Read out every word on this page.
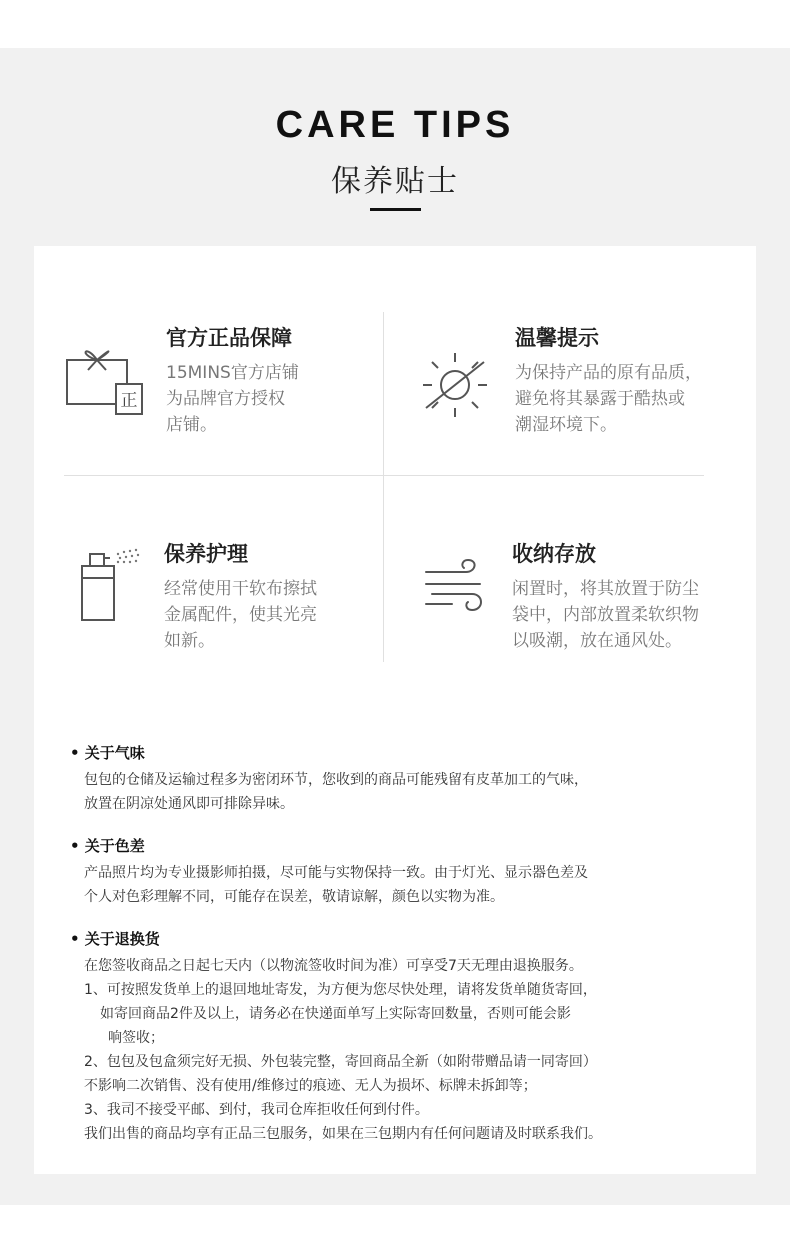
CARE TIPS
保养贴士
正
官方正品保障
15MINS官方店铺
为品牌官方授权
店铺。
温馨提示
为保持产品的原有品质，
避免将其暴露于酷热或
潮湿环境下。
保养护理
经常使用干软布擦拭
金属配件，使其光亮
如新。
收纳存放
闲置时，将其放置于防尘
袋中，内部放置柔软织物
以吸潮，放在通风处。
• 关于气味
包包的仓储及运输过程多为密闭环节，您收到的商品可能残留有皮革加工的气味，
放置在阴凉处通风即可排除异味。
• 关于色差
产品照片均为专业摄影师拍摄，尽可能与实物保持一致。由于灯光、显示器色差及
个人对色彩理解不同，可能存在误差，敬请谅解，颜色以实物为准。
• 关于退换货
在您签收商品之日起七天内（以物流签收时间为准）可享受7天无理由退换服务。
1、可按照发货单上的退回地址寄发，为方便为您尽快处理，请将发货单随货寄回，
如寄回商品2件及以上，请务必在快递面单写上实际寄回数量，否则可能会影
响签收；
2、包包及包盒须完好无损、外包装完整，寄回商品全新（如附带赠品请一同寄回）
不影响二次销售、没有使用/维修过的痕迹、无人为损坏、标牌未拆卸等；
3、我司不接受平邮、到付，我司仓库拒收任何到付件。
我们出售的商品均享有正品三包服务，如果在三包期内有任何问题请及时联系我们。
